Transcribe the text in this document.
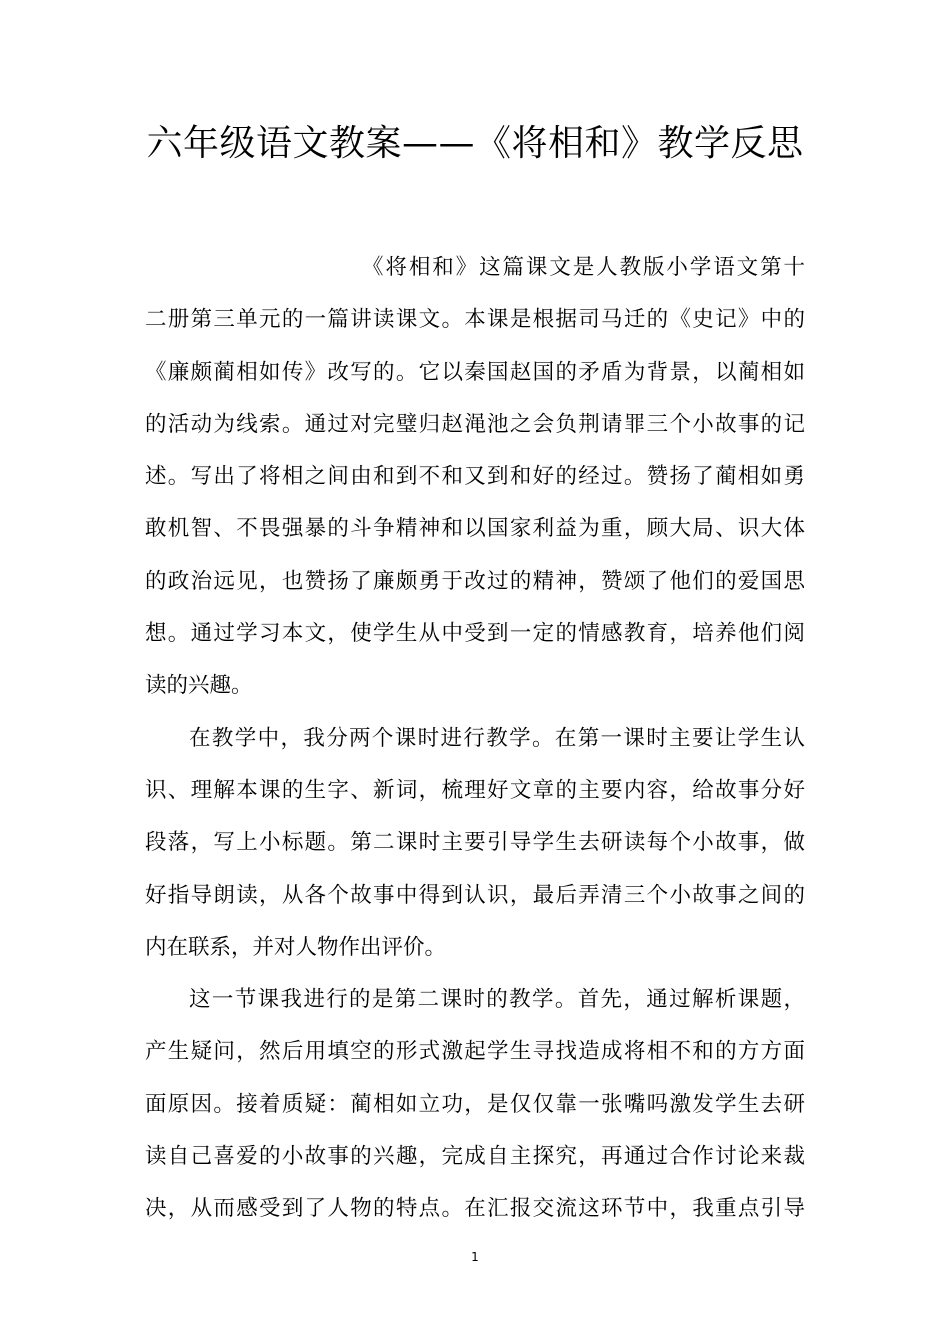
六年级语文教案——《将相和》教学反思
《将相和》这篇课文是人教版小学语文第十
二册第三单元的一篇讲读课文。本课是根据司马迁的《史记》中的
《廉颇蔺相如传》改写的。它以秦国赵国的矛盾为背景，以蔺相如
的活动为线索。通过对完璧归赵渑池之会负荆请罪三个小故事的记
述。写出了将相之间由和到不和又到和好的经过。赞扬了蔺相如勇
敢机智、不畏强暴的斗争精神和以国家利益为重，顾大局、识大体
的政治远见，也赞扬了廉颇勇于改过的精神，赞颂了他们的爱国思
想。通过学习本文，使学生从中受到一定的情感教育，培养他们阅
读的兴趣。
在教学中，我分两个课时进行教学。在第一课时主要让学生认
识、理解本课的生字、新词，梳理好文章的主要内容，给故事分好
段落，写上小标题。第二课时主要引导学生去研读每个小故事，做
好指导朗读，从各个故事中得到认识，最后弄清三个小故事之间的
内在联系，并对人物作出评价。
这一节课我进行的是第二课时的教学。首先，通过解析课题，
产生疑问，然后用填空的形式激起学生寻找造成将相不和的方方面
面原因。接着质疑：蔺相如立功，是仅仅靠一张嘴吗激发学生去研
读自己喜爱的小故事的兴趣，完成自主探究，再通过合作讨论来裁
决，从而感受到了人物的特点。在汇报交流这环节中，我重点引导
1
